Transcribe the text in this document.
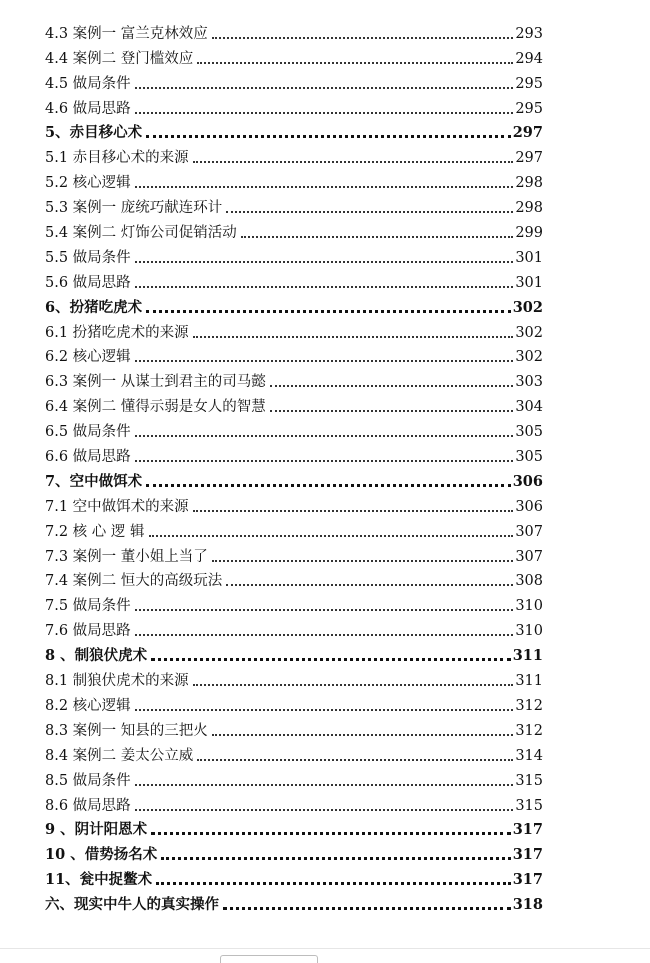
4.3 案例一 富兰克林效应	293
4.4 案例二 登门槛效应	294
4.5 做局条件	295
4.6 做局思路	295
5、赤目移心术	297
5.1 赤目移心术的来源	297
5.2 核心逻辑	298
5.3 案例一 庞统巧献连环计	298
5.4 案例二 灯饰公司促销活动	299
5.5 做局条件	301
5.6 做局思路	301
6、扮猪吃虎术	302
6.1 扮猪吃虎术的来源	302
6.2 核心逻辑	302
6.3 案例一 从谋士到君主的司马懿	303
6.4 案例二 懂得示弱是女人的智慧	304
6.5 做局条件	305
6.6 做局思路	305
7、空中做饵术	306
7.1 空中做饵术的来源	306
7.2 核 心 逻 辑	307
7.3 案例一 董小姐上当了	307
7.4 案例二 恒大的高级玩法	308
7.5 做局条件	310
7.6 做局思路	310
8 、制狼伏虎术	311
8.1 制狼伏虎术的来源	311
8.2 核心逻辑	312
8.3 案例一 知县的三把火	312
8.4 案例二 姜太公立威	314
8.5 做局条件	315
8.6 做局思路	315
9 、阴计阳恩术	317
10 、借势扬名术	317
11、瓮中捉鳖术	317
六、现实中牛人的真实操作	318
